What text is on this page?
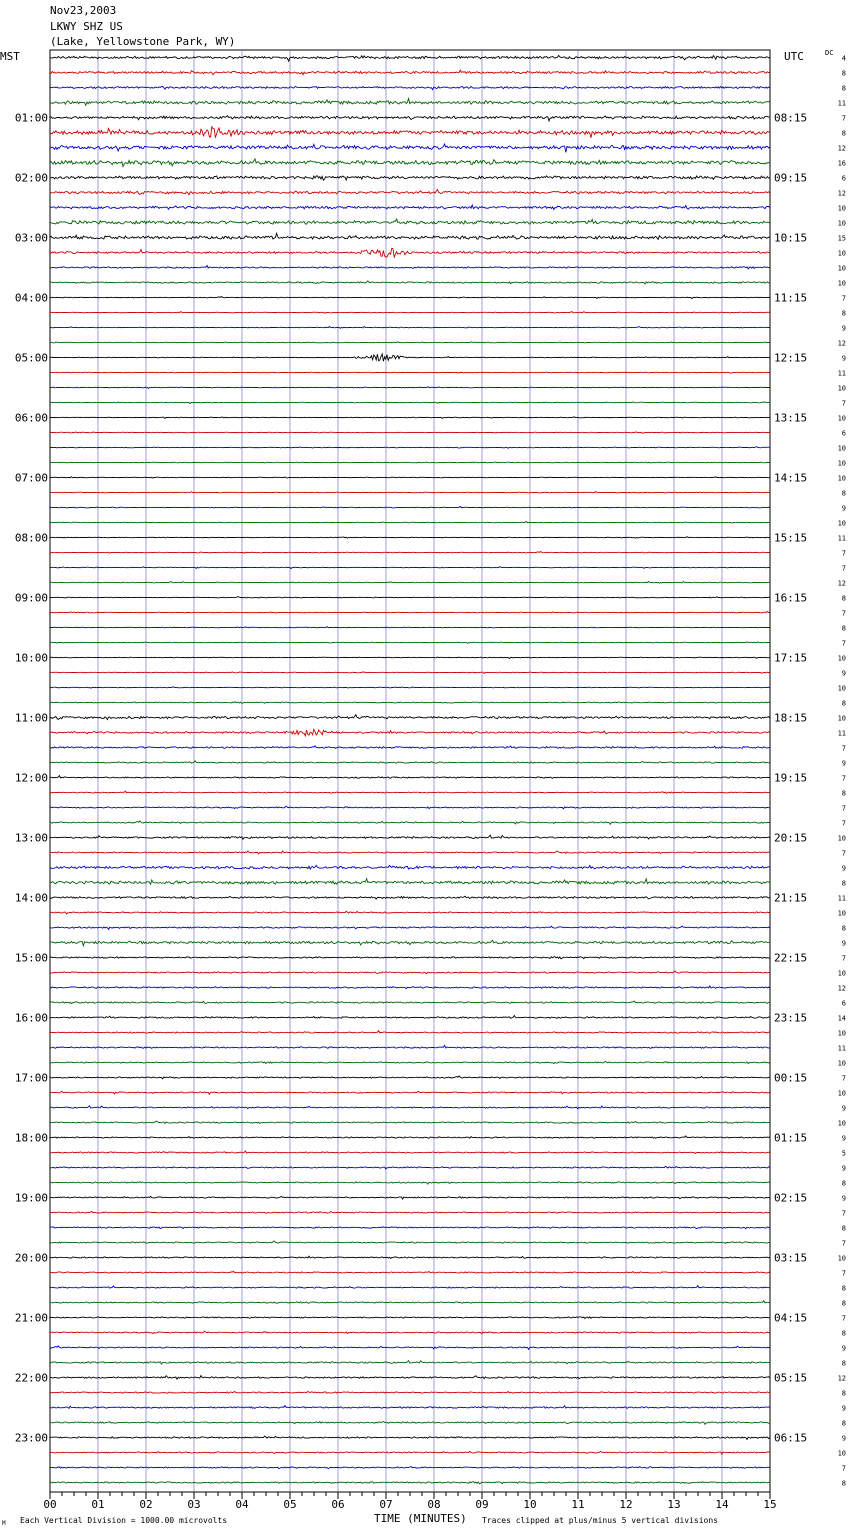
Nov23,2003
LKWY SHZ US
(Lake, Yellowstone Park, WY)
MST	UTC	DC
00	01	02	03	04	05	06	07	08	09	10	11	12	13	14	15
4
8
8
11
7
8
12
16
6
12
10
10
15
10
10
10
7
8
9
12
9
11
10
7
10
6
10
10
10
8
9
10
11
7
7
12
8
7
8
7
10
9
10
8
10
11
7
9
7
8
7
7
10
7
9
8
11
10
8
9
7
10
12
6
14
10
11
10
7
10
9
10
9
5
9
8
9
7
8
7
10
7
8
8
7
8
9
8
12
8
9
8
9
10
7
8
01:00	08:15
02:00	09:15
03:00	10:15
04:00	11:15
05:00	12:15
06:00	13:15
07:00	14:15
08:00	15:15
09:00	16:15
10:00	17:15
11:00	18:15
12:00	19:15
13:00	20:15
14:00	21:15
15:00	22:15
16:00	23:15
17:00	00:15
18:00	01:15
19:00	02:15
20:00	03:15
21:00	04:15
22:00	05:15
23:00	06:15
TIME (MINUTES)
Each Vertical Division = 1000.00 microvolts	Traces clipped at plus/minus 5 vertical divisions
M
